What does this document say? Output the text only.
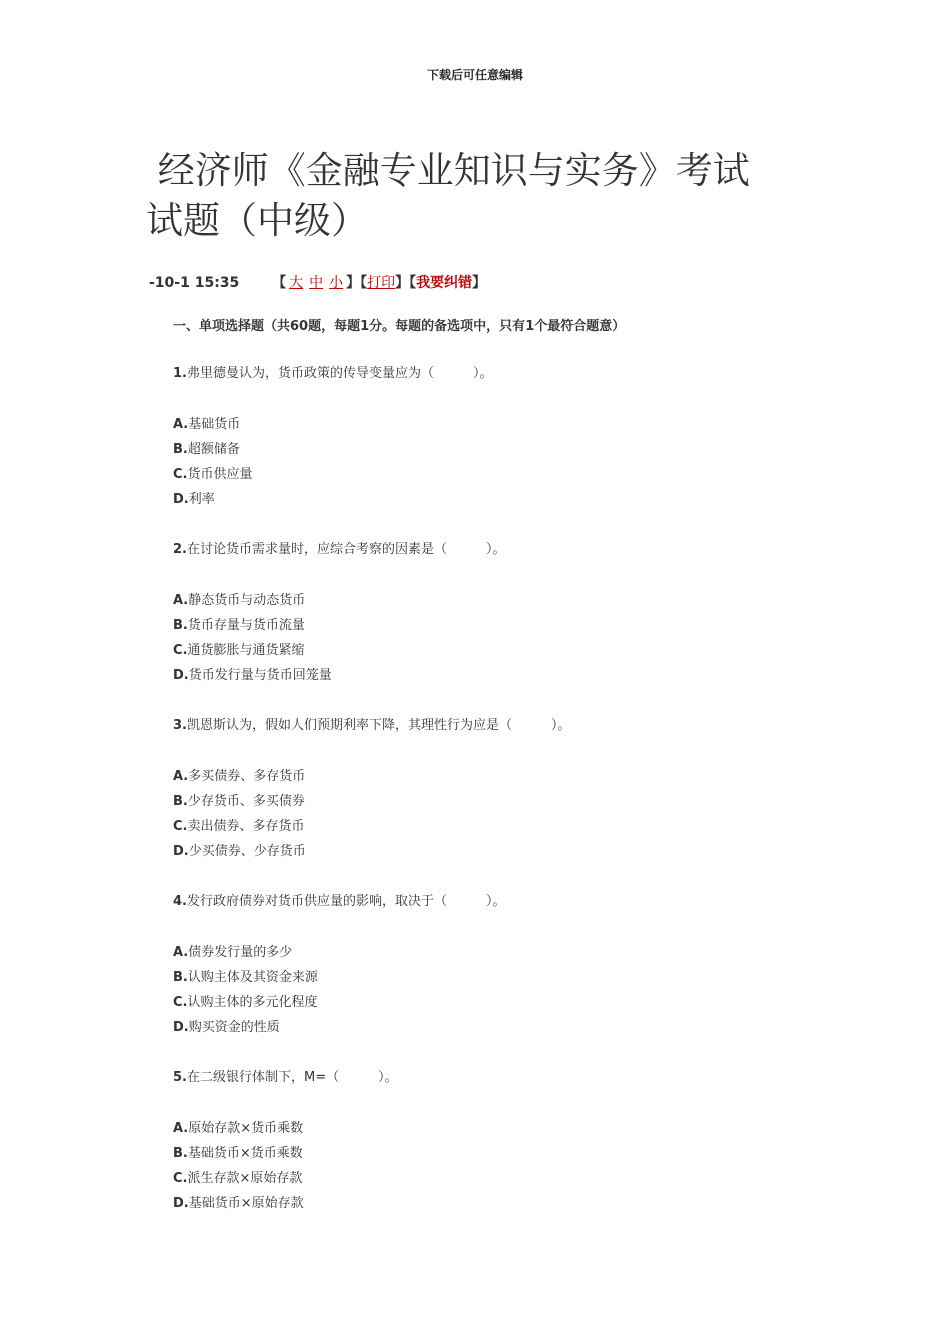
下载后可任意编辑
经济师《金融专业知识与实务》考试
试题（中级）
-10-1 15:35 【 大 中 小 】【打印】【我要纠错】
一、单项选择题（共60题，每题1分。每题的备选项中，只有1个最符合题意）
1.弗里德曼认为，货币政策的传导变量应为（　　　）。
A.基础货币
B.超额储备
C.货币供应量
D.利率
2.在讨论货币需求量时，应综合考察的因素是（　　　）。
A.静态货币与动态货币
B.货币存量与货币流量
C.通货膨胀与通货紧缩
D.货币发行量与货币回笼量
3.凯恩斯认为，假如人们预期利率下降，其理性行为应是（　　　）。
A.多买债券、多存货币
B.少存货币、多买债券
C.卖出债券、多存货币
D.少买债券、少存货币
4.发行政府债券对货币供应量的影响，取决于（　　　）。
A.债券发行量的多少
B.认购主体及其资金来源
C.认购主体的多元化程度
D.购买资金的性质
5.在二级银行体制下，M=（　　　）。
A.原始存款×货币乘数
B.基础货币×货币乘数
C.派生存款×原始存款
D.基础货币×原始存款
